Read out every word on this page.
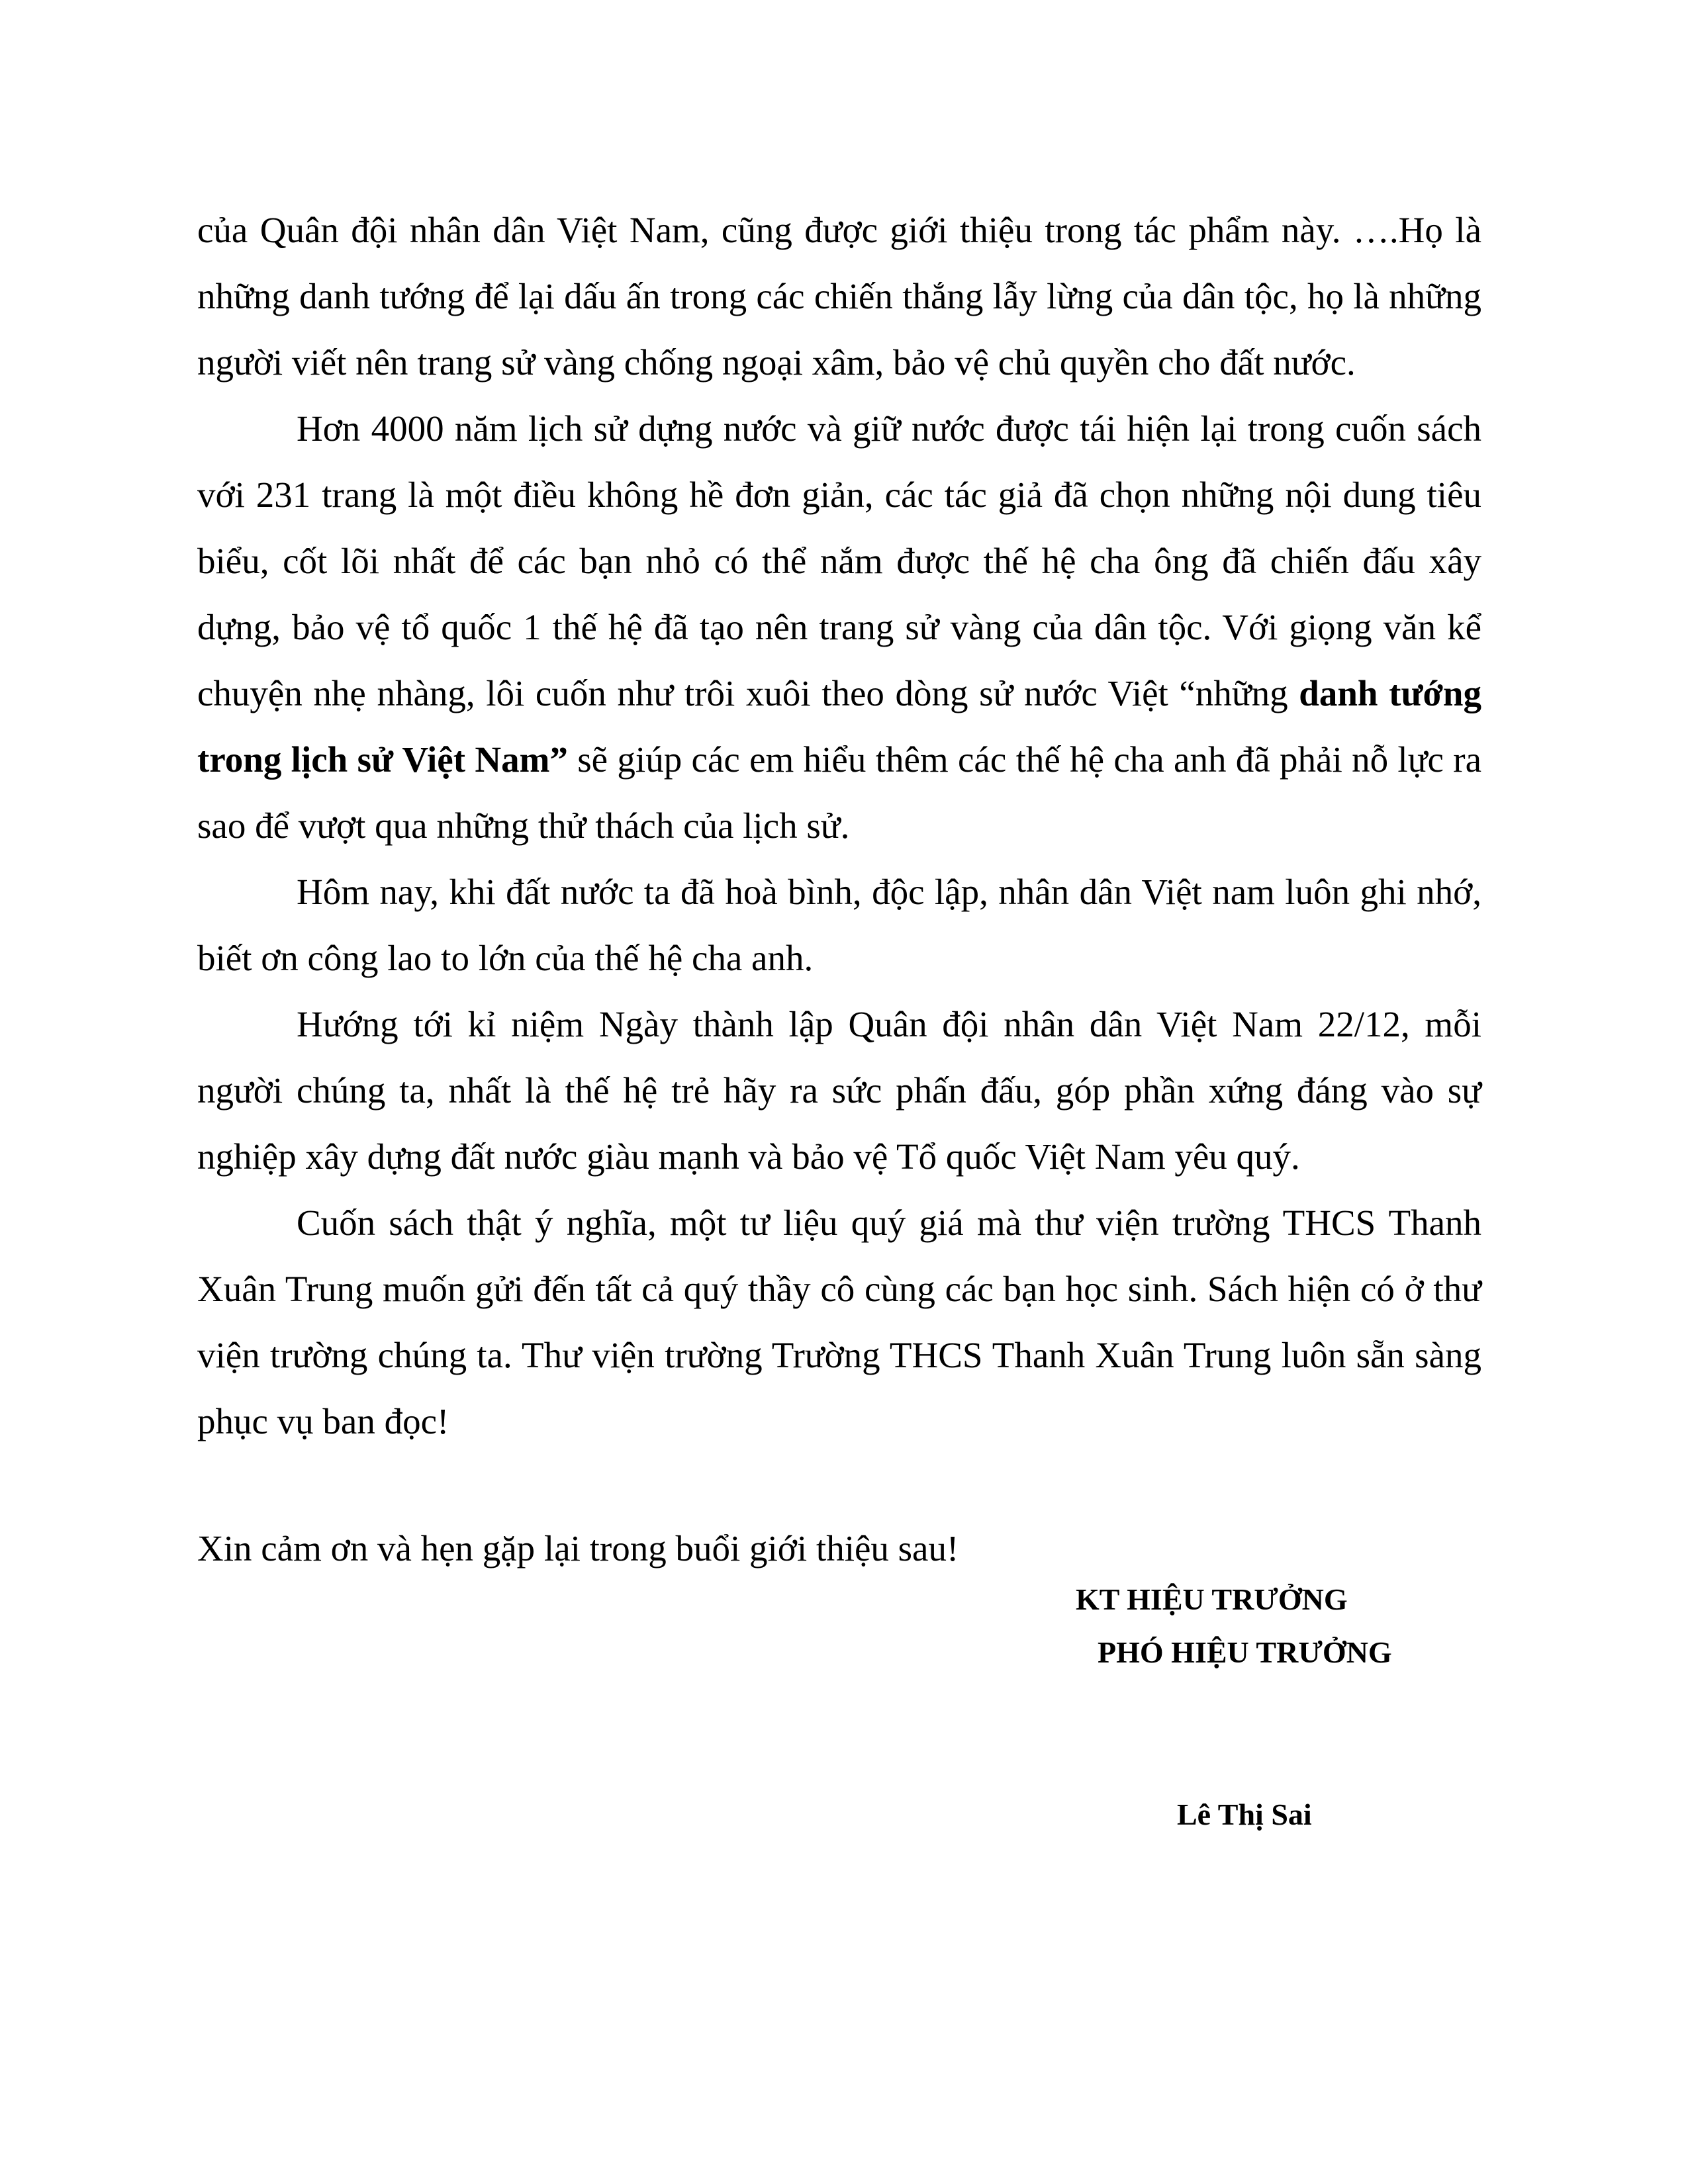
của Quân đội nhân dân Việt Nam, cũng được giới thiệu trong tác phẩm này. ….Họ là những danh tướng để lại dấu ấn trong các chiến thắng lẫy lừng của dân tộc, họ là những người viết nên trang sử vàng chống ngoại xâm, bảo vệ chủ quyền cho đất nước.

Hơn 4000 năm lịch sử dựng nước và giữ nước được tái hiện lại trong cuốn sách với 231 trang là một điều không hề đơn giản, các tác giả đã chọn những nội dung tiêu biểu, cốt lõi nhất để các bạn nhỏ có thể nắm được thế hệ cha ông đã chiến đấu xây dựng, bảo vệ tổ quốc 1 thế hệ đã tạo nên trang sử vàng của dân tộc. Với giọng văn kể chuyện nhẹ nhàng, lôi cuốn như trôi xuôi theo dòng sử nước Việt “những danh tướng trong lịch sử Việt Nam” sẽ giúp các em hiểu thêm các thế hệ cha anh đã phải nỗ lực ra sao để vượt qua những thử thách của lịch sử.

Hôm nay, khi đất nước ta đã hoà bình, độc lập, nhân dân Việt nam luôn ghi nhớ, biết ơn công lao to lớn của thế hệ cha anh.

Hướng tới kỉ niệm Ngày thành lập Quân đội nhân dân Việt Nam 22/12, mỗi người chúng ta, nhất là thế hệ trẻ hãy ra sức phấn đấu, góp phần xứng đáng vào sự nghiệp xây dựng đất nước giàu mạnh và bảo vệ Tổ quốc Việt Nam yêu quý.

Cuốn sách thật ý nghĩa, một tư liệu quý giá mà thư viện trường THCS Thanh Xuân Trung muốn gửi đến tất cả quý thầy cô cùng các bạn học sinh. Sách hiện có ở thư viện trường chúng ta. Thư viện trường Trường THCS Thanh Xuân Trung luôn sẵn sàng phục vụ ban đọc!

Xin cảm ơn và hẹn gặp lại trong buổi giới thiệu sau!
KT HIỆU TRƯỞNG
PHÓ HIỆU TRƯỞNG
Lê Thị Sai
